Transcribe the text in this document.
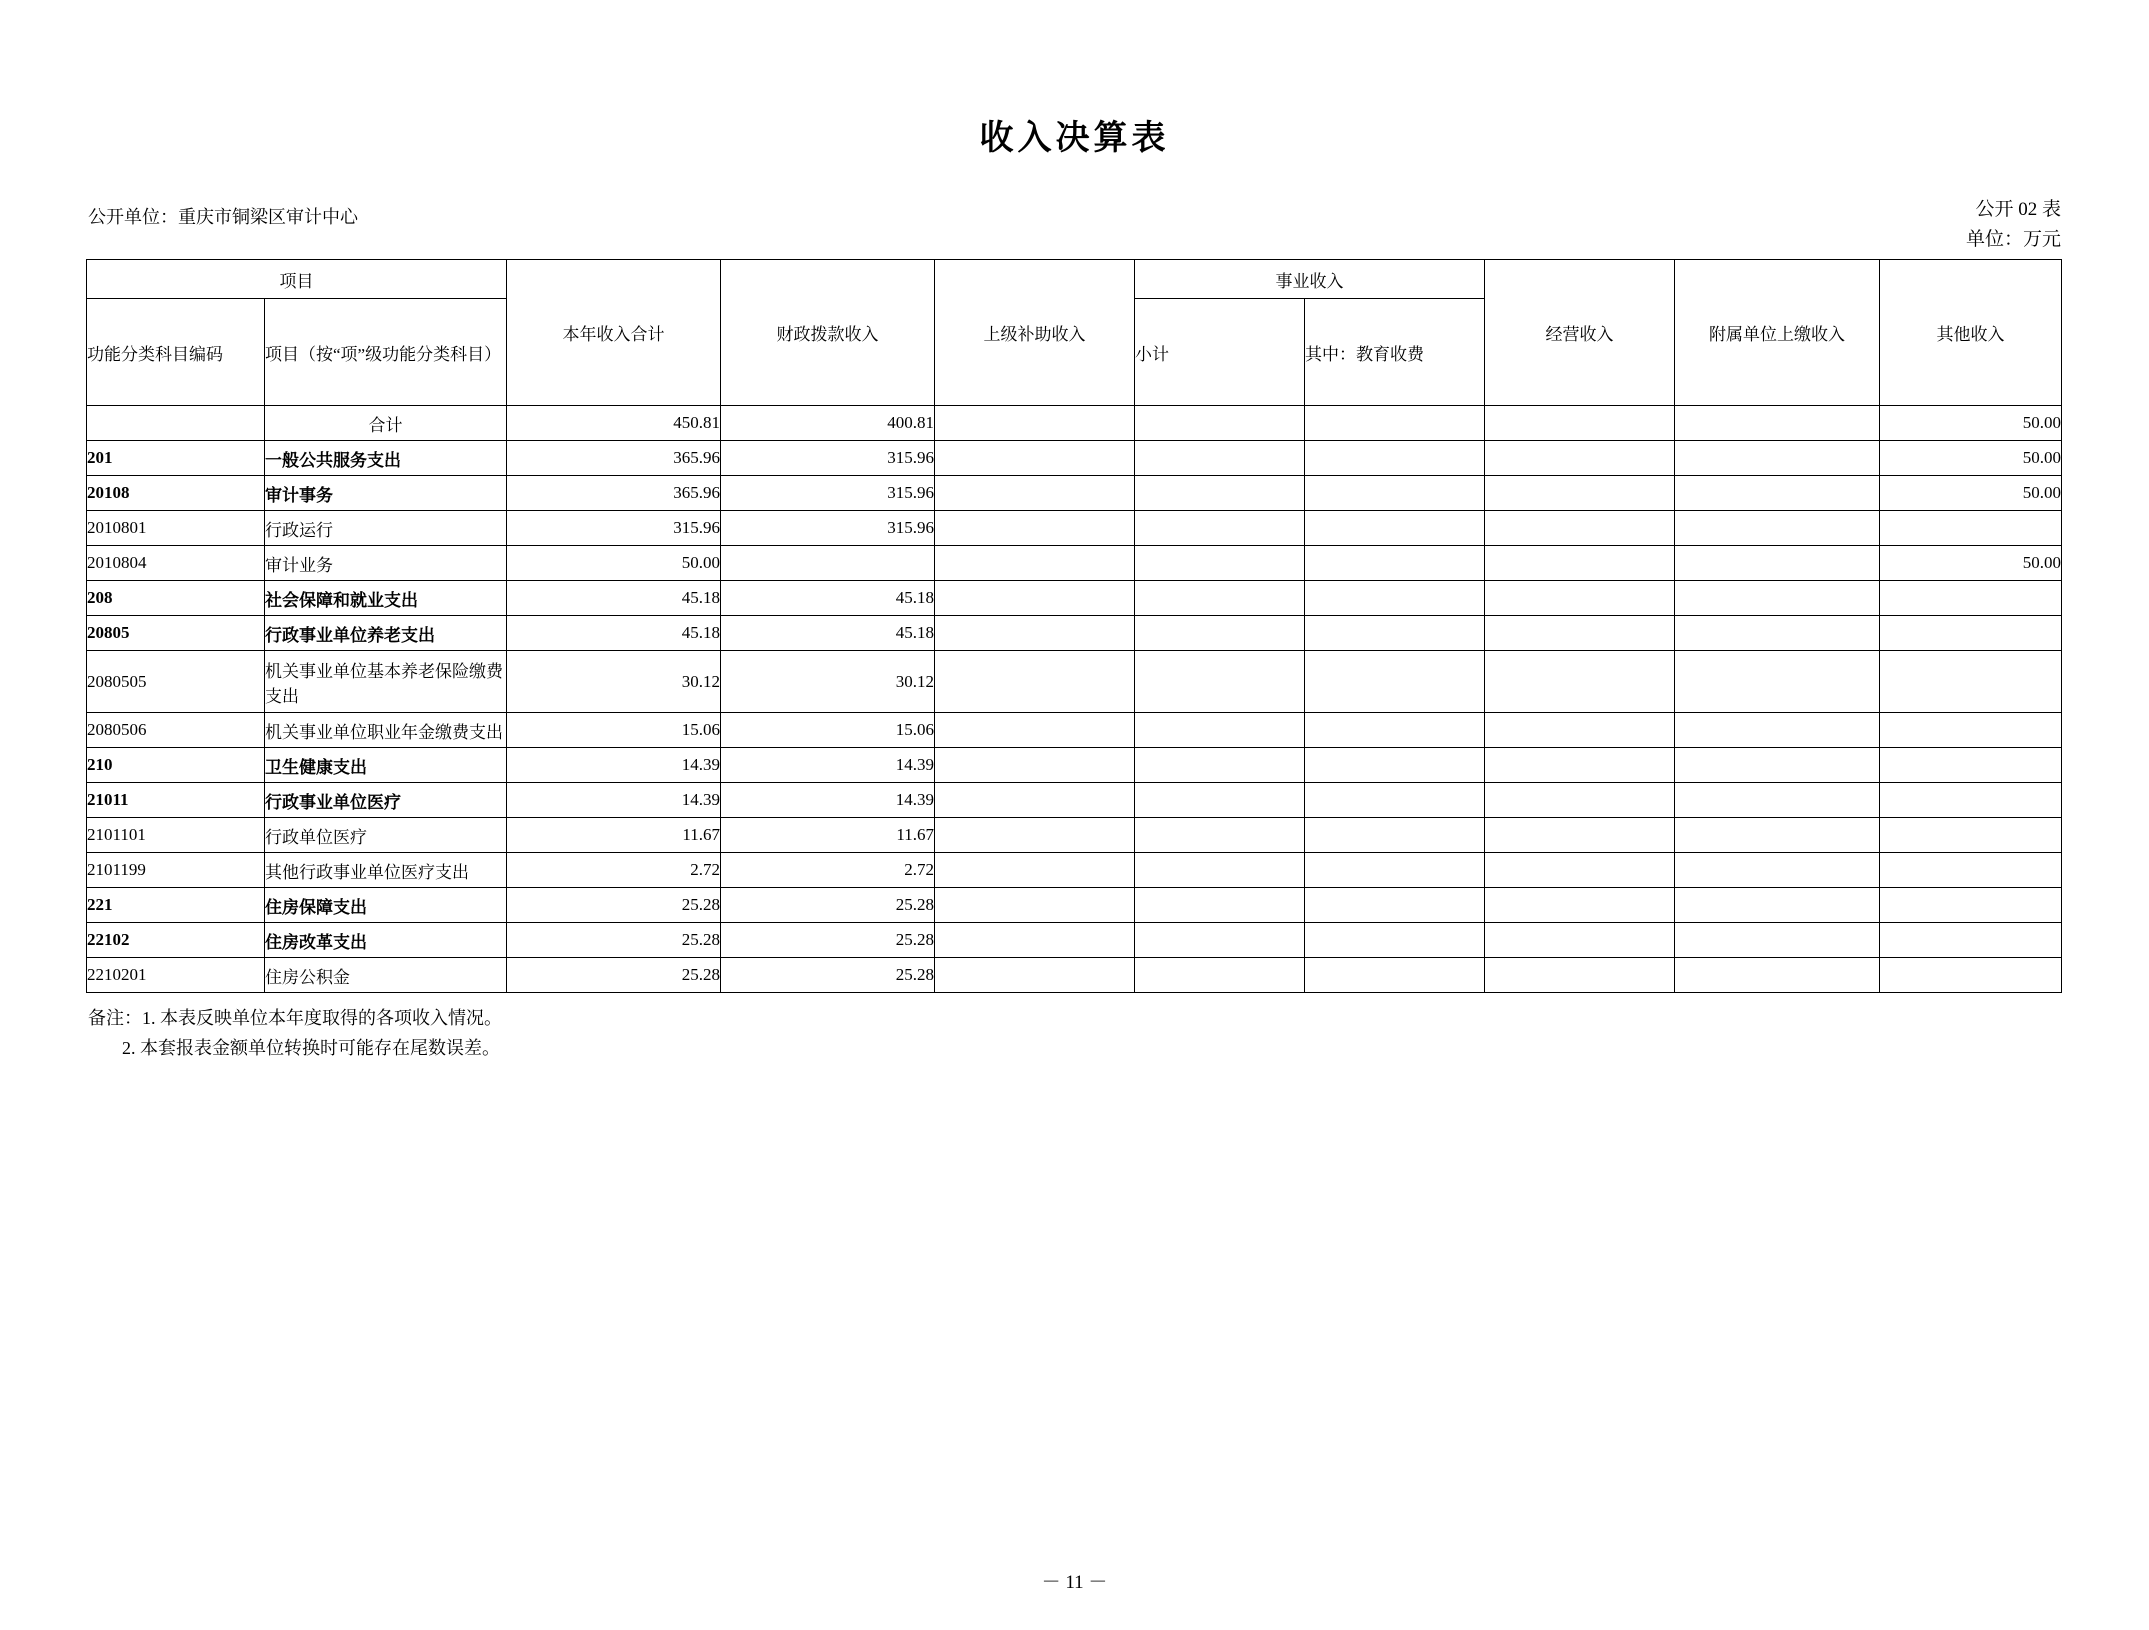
收入决算表
公开单位：重庆市铜梁区审计中心	公开 02 表
单位：万元
项目		本年收入合计	财政拨款收入	上级补助收入	事业收入		经营收入	附属单位上缴收入	其他收入
功能分类科目编码	项目（按“项”级功能分类科目）				小计	其中：教育收费			
	合计	450.81	400.81						50.00
201	一般公共服务支出	365.96	315.96						50.00
20108	审计事务	365.96	315.96						50.00
2010801	行政运行	315.96	315.96						
2010804	审计业务	50.00							50.00
208	社会保障和就业支出	45.18	45.18						
20805	行政事业单位养老支出	45.18	45.18						
2080505	机关事业单位基本养老保险缴费支出	30.12	30.12						
2080506	机关事业单位职业年金缴费支出	15.06	15.06						
210	卫生健康支出	14.39	14.39						
21011	行政事业单位医疗	14.39	14.39						
2101101	行政单位医疗	11.67	11.67						
2101199	其他行政事业单位医疗支出	2.72	2.72						
221	住房保障支出	25.28	25.28						
22102	住房改革支出	25.28	25.28						
2210201	住房公积金	25.28	25.28						
备注：1. 本表反映单位本年度取得的各项收入情况。
2. 本套报表金额单位转换时可能存在尾数误差。
－ 11 －
